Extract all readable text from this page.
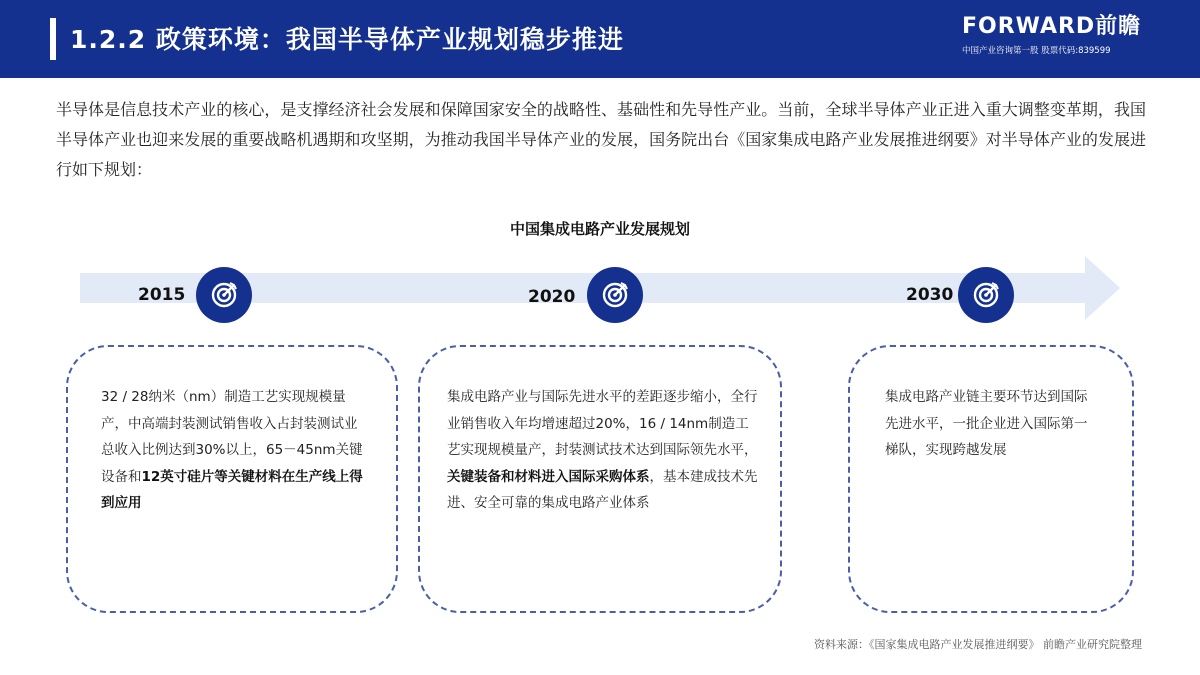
1.2.2 政策环境：我国半导体产业规划稳步推进	FORWARD前瞻
中国产业咨询第一股 股票代码:839599

半导体是信息技术产业的核心，是支撑经济社会发展和保障国家安全的战略性、基础性和先导性产业。当前，全球半导体产业正进入重大调整变革期，我国半导体产业也迎来发展的重要战略机遇期和攻坚期，为推动我国半导体产业的发展，国务院出台《国家集成电路产业发展推进纲要》对半导体产业的发展进行如下规划：

中国集成电路产业发展规划

2015	2020	2030

32 / 28纳米（nm）制造工艺实现规模量产，中高端封装测试销售收入占封装测试业总收入比例达到30%以上，65－45nm关键设备和12英寸硅片等关键材料在生产线上得到应用

集成电路产业与国际先进水平的差距逐步缩小，全行业销售收入年均增速超过20%，16 / 14nm制造工艺实现规模量产，封装测试技术达到国际领先水平，关键装备和材料进入国际采购体系，基本建成技术先进、安全可靠的集成电路产业体系

集成电路产业链主要环节达到国际先进水平，一批企业进入国际第一梯队，实现跨越发展

资料来源：《国家集成电路产业发展推进纲要》 前瞻产业研究院整理
